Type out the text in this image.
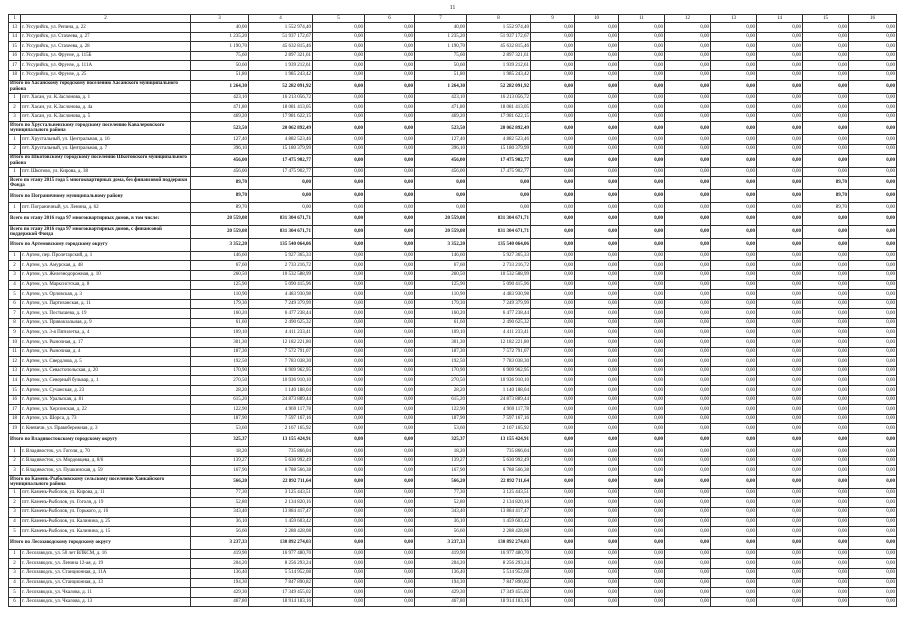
11
1	2	3	4	5	6	7	8	9	10	11	12	13	14	15	16
13	г. Уссурийск, ул. Репина, д. 22	40,00	1 552 974,40	0,00	0,00	40,00	1 552 974,40	0,00	0,00	0,00	0,00	0,00	0,00	0,00	0,00
14	г. Уссурийск, ул. Стахеева, д. 27	1 235,20	51 937 172,67	0,00	0,00	1 235,20	51 937 172,67	0,00	0,00	0,00	0,00	0,00	0,00	0,00	0,00
15	г. Уссурийск, ул. Стахеева, д. 28	1 190,70	45 632 815,46	0,00	0,00	1 190,70	45 632 815,46	0,00	0,00	0,00	0,00	0,00	0,00	0,00	0,00
16	г. Уссурийск, ул. Фрунзе, д. 115Б	75,60	2 897 321,61	0,00	0,00	75,60	2 897 321,61	0,00	0,00	0,00	0,00	0,00	0,00	0,00	0,00
17	г. Уссурийск, ул. Фрунзе, д. 111А	50,60	1 939 212,61	0,00	0,00	50,60	1 939 212,61	0,00	0,00	0,00	0,00	0,00	0,00	0,00	0,00
18	г. Уссурийск, ул. Фрунзе, д. 25	51,80	1 985 243,42	0,00	0,00	51,80	1 985 243,42	0,00	0,00	0,00	0,00	0,00	0,00	0,00	0,00
Итого по Хасанскому городскому поселению Хасанского муниципального района		1 264,30	52 282 091,92	0,00	0,00	1 264,30	52 282 091,92	0,00	0,00	0,00	0,00	0,00	0,00	0,00	0,00
1	пгт. Хасан, ул. К.Заслонова, д. 1	423,10	16 213 056,72	0,00	0,00	423,10	16 213 056,72	0,00	0,00	0,00	0,00	0,00	0,00	0,00	0,00
2	пгт. Хасан, ул. К.Заслонова, д. 4а	471,80	18 081 413,05	0,00	0,00	471,80	18 081 413,05	0,00	0,00	0,00	0,00	0,00	0,00	0,00	0,00
3	пгт. Хасан, ул. К.Заслонова, д. 5	469,20	17 981 622,15	0,00	0,00	469,20	17 981 622,15	0,00	0,00	0,00	0,00	0,00	0,00	0,00	0,00
Итого по Хрустальненскому городскому поселению Кавалеровского муниципального района		523,50	20 062 892,49	0,00	0,00	523,50	20 062 892,49	0,00	0,00	0,00	0,00	0,00	0,00	0,00	0,00
1	пгт. Хрустальный, ул. Центральная, д. 16	127,40	4 882 523,46	0,00	0,00	127,40	4 882 523,46	0,00	0,00	0,00	0,00	0,00	0,00	0,00	0,00
2	пгт. Хрустальный, ул. Центральная, д. 7	396,10	15 180 379,99	0,00	0,00	396,10	15 180 379,99	0,00	0,00	0,00	0,00	0,00	0,00	0,00	0,00
Итого по Шкотовскому городскому поселению Шкотовского муниципального района		456,00	17 475 902,77	0,00	0,00	456,00	17 475 902,77	0,00	0,00	0,00	0,00	0,00	0,00	0,00	0,00
1	пгт. Шкотово, ул. Кирова, д. 38	456,00	17 475 902,77	0,00	0,00	456,00	17 475 902,77	0,00	0,00	0,00	0,00	0,00	0,00	0,00	0,00
Всего по этапу 2015 года 5 многоквартирных дома, без финансовой поддержки Фонда		89,70	0,00	0,00	0,00	0,00	0,00	0,00	0,00	0,00	0,00	0,00	0,00	89,70	0,00
Итого по Пограничному муниципальному району		89,70	0,00	0,00	0,00	0,00	0,00	0,00	0,00	0,00	0,00	0,00	0,00	89,70	0,00
1	пгт. Пограничный, ул. Ленина, д. 62	89,70	0,00	0,00	0,00	0,00	0,00	0,00	0,00	0,00	0,00	0,00	0,00	89,70	0,00
Всего по этапу 2016 года 97 многоквартирных домов, в том числе:		20 559,08	831 304 671,71	0,00	0,00	20 559,08	831 304 671,71	0,00	0,00	0,00	0,00	0,00	0,00	0,00	0,00
Всего по этапу 2016 года 97 многоквартирных домов, с финансовой поддержкой Фонда		20 559,08	831 304 671,71	0,00	0,00	20 559,08	831 304 671,71	0,00	0,00	0,00	0,00	0,00	0,00	0,00	0,00
Итого по Артемовскому городскому округу		3 352,20	135 540 064,06	0,00	0,00	3 352,20	135 540 064,06	0,00	0,00	0,00	0,00	0,00	0,00	0,00	0,00
1	г. Артем, пер. Пролетарский, д. 1	146,60	5 927 365,33	0,00	0,00	146,60	5 927 365,33	0,00	0,00	0,00	0,00	0,00	0,00	0,00	0,00
2	г. Артем, ул. Амурская, д. 48	67,60	2 733 216,72	0,00	0,00	67,60	2 733 216,72	0,00	0,00	0,00	0,00	0,00	0,00	0,00	0,00
3	г. Артем, ул. Железнодорожная, д. 10	260,50	10 532 588,99	0,00	0,00	260,50	10 532 588,99	0,00	0,00	0,00	0,00	0,00	0,00	0,00	0,00
4	г. Артем, ул. Марксистская, д. 8	125,90	5 090 415,96	0,00	0,00	125,90	5 090 415,96	0,00	0,00	0,00	0,00	0,00	0,00	0,00	0,00
5	г. Артем, ул. Орловская, д. 3	110,90	4 483 930,98	0,00	0,00	110,90	4 483 930,98	0,00	0,00	0,00	0,00	0,00	0,00	0,00	0,00
6	г. Артем, ул. Партизанская, д. 11	179,30	7 249 379,99	0,00	0,00	179,30	7 249 379,99	0,00	0,00	0,00	0,00	0,00	0,00	0,00	0,00
7	г. Артем, ул. Постышева, д. 19	160,20	6 477 238,44	0,00	0,00	160,20	6 477 238,44	0,00	0,00	0,00	0,00	0,00	0,00	0,00	0,00
8	г. Артем, ул. Привокзальная, д. 9	61,60	2 490 625,32	0,00	0,00	61,60	2 490 625,32	0,00	0,00	0,00	0,00	0,00	0,00	0,00	0,00
9	г. Артем, ул. 3-я Пятилетка, д. 4	109,10	4 411 233,41	0,00	0,00	109,10	4 411 233,41	0,00	0,00	0,00	0,00	0,00	0,00	0,00	0,00
10	г. Артем, ул. Рыночная, д. 17	301,30	12 182 221,80	0,00	0,00	301,30	12 182 221,80	0,00	0,00	0,00	0,00	0,00	0,00	0,00	0,00
11	г. Артем, ул. Рыночная, д. 4	187,30	7 572 791,07	0,00	0,00	187,30	7 572 791,07	0,00	0,00	0,00	0,00	0,00	0,00	0,00	0,00
12	г. Артем, ул. Свердлова, д. 5	192,50	7 783 038,30	0,00	0,00	192,50	7 783 038,30	0,00	0,00	0,00	0,00	0,00	0,00	0,00	0,00
13	г. Артем, ул. Севастопольская, д. 20	170,90	6 909 962,95	0,00	0,00	170,90	6 909 962,95	0,00	0,00	0,00	0,00	0,00	0,00	0,00	0,00
14	г. Артем, ул. Северный бульвар, д. 1	270,50	10 936 910,10	0,00	0,00	270,50	10 936 910,10	0,00	0,00	0,00	0,00	0,00	0,00	0,00	0,00
15	г. Артем, ул. Сучанская, д. 23	28,20	1 140 188,04	0,00	0,00	28,20	1 140 188,04	0,00	0,00	0,00	0,00	0,00	0,00	0,00	0,00
16	г. Артем, ул. Уральская, д. 81	615,20	24 873 889,44	0,00	0,00	615,20	24 873 889,44	0,00	0,00	0,00	0,00	0,00	0,00	0,00	0,00
17	г. Артем, ул. Херсонская, д. 22	122,90	4 969 117,78	0,00	0,00	122,90	4 969 117,78	0,00	0,00	0,00	0,00	0,00	0,00	0,00	0,00
18	г. Артем, ул. Шорса, д. 73	187,90	7 597 167,16	0,00	0,00	187,90	7 597 167,16	0,00	0,00	0,00	0,00	0,00	0,00	0,00	0,00
19	г. Кневичи, ул. Правобережная, д. 3	53,60	2 167 165,92	0,00	0,00	53,60	2 167 165,92	0,00	0,00	0,00	0,00	0,00	0,00	0,00	0,00
Итого по Владивостокскому городскому округу		325,37	13 155 424,91	0,00	0,00	325,37	13 155 424,91	0,00	0,00	0,00	0,00	0,00	0,00	0,00	0,00
1	г. Владивосток, ул. Гоголя, д. 70	18,20	735 866,04	0,00	0,00	18,20	735 866,04	0,00	0,00	0,00	0,00	0,00	0,00	0,00	0,00
2	г. Владивосток, ул. Мордовцева, д. 8/6	139,27	5 630 992,49	0,00	0,00	139,27	5 630 992,49	0,00	0,00	0,00	0,00	0,00	0,00	0,00	0,00
3	г. Владивосток, ул. Пушкинская, д. 59	167,90	6 788 566,38	0,00	0,00	167,90	6 788 566,38	0,00	0,00	0,00	0,00	0,00	0,00	0,00	0,00
Итого по Камень-Рыболовскому сельскому поселению Ханкайского муниципального района		566,20	22 892 711,64	0,00	0,00	566,20	22 892 711,64	0,00	0,00	0,00	0,00	0,00	0,00	0,00	0,00
1	пгт. Камень-Рыболов, ул. Кирова, д. 11	77,30	3 125 443,51	0,00	0,00	77,30	3 125 443,51	0,00	0,00	0,00	0,00	0,00	0,00	0,00	0,00
2	пгт. Камень-Рыболов, ул. Гоголя, д. 19	52,80	2 134 820,16	0,00	0,00	52,80	2 134 820,16	0,00	0,00	0,00	0,00	0,00	0,00	0,00	0,00
3	пгт. Камень-Рыболов, ул. Горького, д. 16	343,40	13 884 417,47	0,00	0,00	343,40	13 884 417,47	0,00	0,00	0,00	0,00	0,00	0,00	0,00	0,00
4	пгт. Камень-Рыболов, ул. Калинина, д. 25	36,10	1 459 603,42	0,00	0,00	36,10	1 459 603,42	0,00	0,00	0,00	0,00	0,00	0,00	0,00	0,00
5	пгт. Камень-Рыболов, ул. Калинина, д. 15	56,60	2 288 428,08	0,00	0,00	56,60	2 288 428,08	0,00	0,00	0,00	0,00	0,00	0,00	0,00	0,00
Итого по Лесозаводскому городскому округу		3 237,33	130 892 274,03	0,00	0,00	3 237,33	130 892 274,03	0,00	0,00	0,00	0,00	0,00	0,00	0,00	0,00
1	г. Лесозаводск, ул. 50 лет ВЛКСМ, д. 16	419,90	16 977 480,70	0,00	0,00	419,90	16 977 480,70	0,00	0,00	0,00	0,00	0,00	0,00	0,00	0,00
2	г. Лесозаводск, ул. Ленина 12-ая, д. 19	204,20	8 256 293,24	0,00	0,00	204,20	8 256 293,24	0,00	0,00	0,00	0,00	0,00	0,00	0,00	0,00
3	г. Лесозаводск, ул. Станционная, д. 11А	136,40	5 514 952,08	0,00	0,00	136,40	5 514 952,08	0,00	0,00	0,00	0,00	0,00	0,00	0,00	0,00
4	г. Лесозаводск, ул. Станционная, д. 13	194,30	7 847 890,82	0,00	0,00	194,30	7 847 890,82	0,00	0,00	0,00	0,00	0,00	0,00	0,00	0,00
5	г. Лесозаводск, ул. Чкалова, д. 11	429,30	17 349 455,02	0,00	0,00	429,30	17 349 455,02	0,00	0,00	0,00	0,00	0,00	0,00	0,00	0,00
6	г. Лесозаводск, ул. Чкалова, д. 13	467,80	18 914 183,16	0,00	0,00	467,80	18 914 183,16	0,00	0,00	0,00	0,00	0,00	0,00	0,00	0,00
